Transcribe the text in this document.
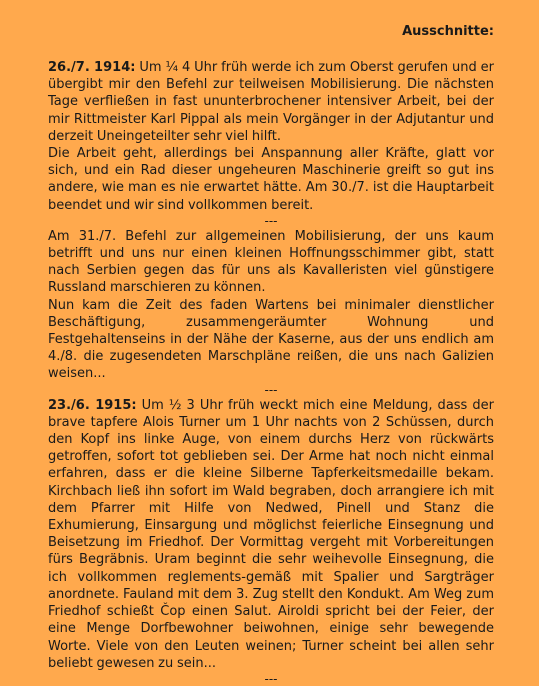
Ausschnitte:

26./7. 1914: Um ¼ 4 Uhr früh werde ich zum Oberst gerufen und er übergibt mir den Befehl zur teilweisen Mobilisierung. Die nächsten Tage verfließen in fast ununterbrochener intensiver Arbeit, bei der mir Rittmeister Karl Pippal als mein Vorgänger in der Adjutantur und derzeit Uneingeteilter sehr viel hilft.

Die Arbeit geht, allerdings bei Anspannung aller Kräfte, glatt vor sich, und ein Rad dieser ungeheuren Maschinerie greift so gut ins andere, wie man es nie erwartet hätte. Am 30./7. ist die Hauptarbeit beendet und wir sind vollkommen bereit.

---

Am 31./7. Befehl zur allgemeinen Mobilisierung, der uns kaum betrifft und uns nur einen kleinen Hoffnungsschimmer gibt, statt nach Serbien gegen das für uns als Kavalleristen viel günstigere Russland marschieren zu können.

Nun kam die Zeit des faden Wartens bei minimaler dienstlicher Beschäftigung, zusammengeräumter Wohnung und Festgehaltenseins in der Nähe der Kaserne, aus der uns endlich am 4./8. die zugesendeten Marschpläne reißen, die uns nach Galizien weisen...

---

23./6. 1915: Um ½ 3 Uhr früh weckt mich eine Meldung, dass der brave tapfere Alois Turner um 1 Uhr nachts von 2 Schüssen, durch den Kopf ins linke Auge, von einem durchs Herz von rückwärts getroffen, sofort tot geblieben sei. Der Arme hat noch nicht einmal erfahren, dass er die kleine Silberne Tapferkeitsmedaille bekam. Kirchbach ließ ihn sofort im Wald begraben, doch arrangiere ich mit dem Pfarrer mit Hilfe von Nedwed, Pinell und Stanz die Exhumierung, Einsargung und möglichst feierliche Einsegnung und Beisetzung im Friedhof. Der Vormittag vergeht mit Vorbereitungen fürs Begräbnis. Uram beginnt die sehr weihevolle Einsegnung, die ich vollkommen reglements-gemäß mit Spalier und Sargträger anordnete. Fauland mit dem 3. Zug stellt den Kondukt. Am Weg zum Friedhof schießt Čop einen Salut. Airoldi spricht bei der Feier, der eine Menge Dorfbewohner beiwohnen, einige sehr bewegende Worte. Viele von den Leuten weinen; Turner scheint bei allen sehr beliebt gewesen zu sein...

---
